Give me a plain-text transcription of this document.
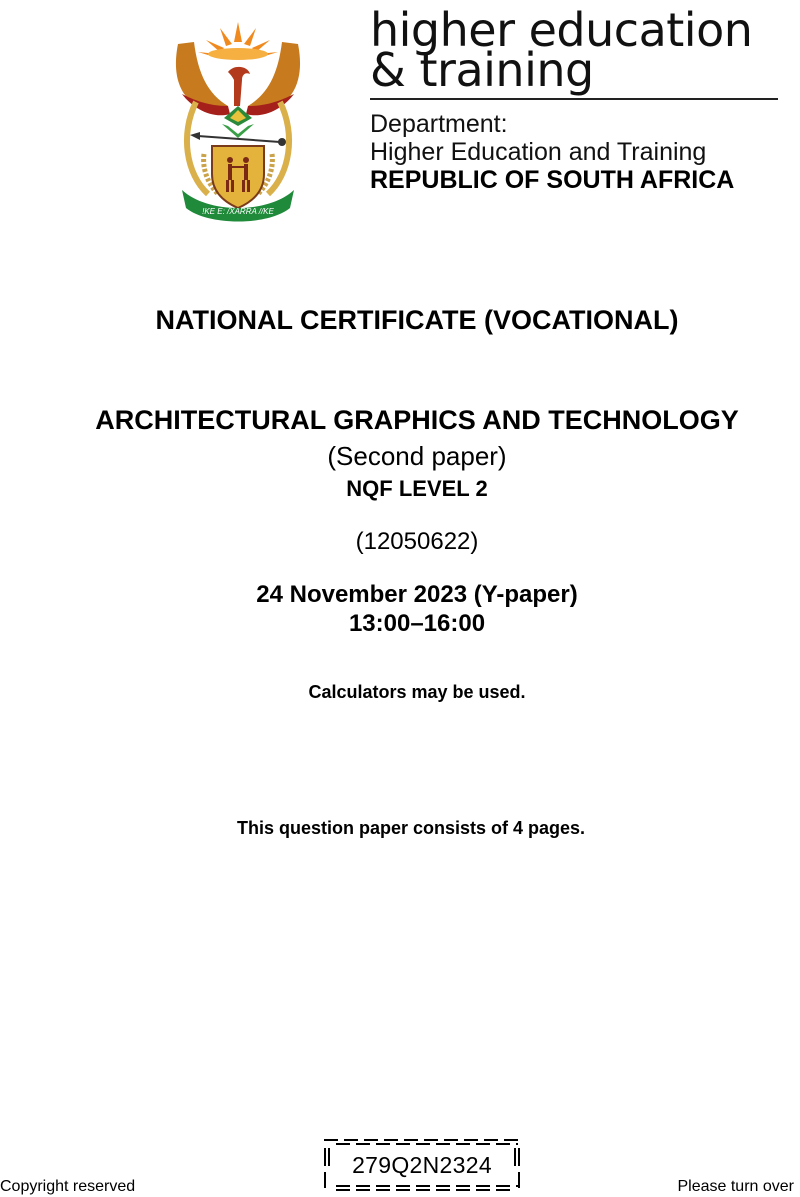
!KE E: /XARRA //KE
higher education
& training
Department:
Higher Education and Training
REPUBLIC OF SOUTH AFRICA
NATIONAL CERTIFICATE (VOCATIONAL)
ARCHITECTURAL GRAPHICS AND TECHNOLOGY
(Second paper)
NQF LEVEL 2
(12050622)
24 November 2023 (Y-paper)
13:00–16:00
Calculators may be used.
This question paper consists of 4 pages.
Copyright reserved
279Q2N2324
Please turn over
